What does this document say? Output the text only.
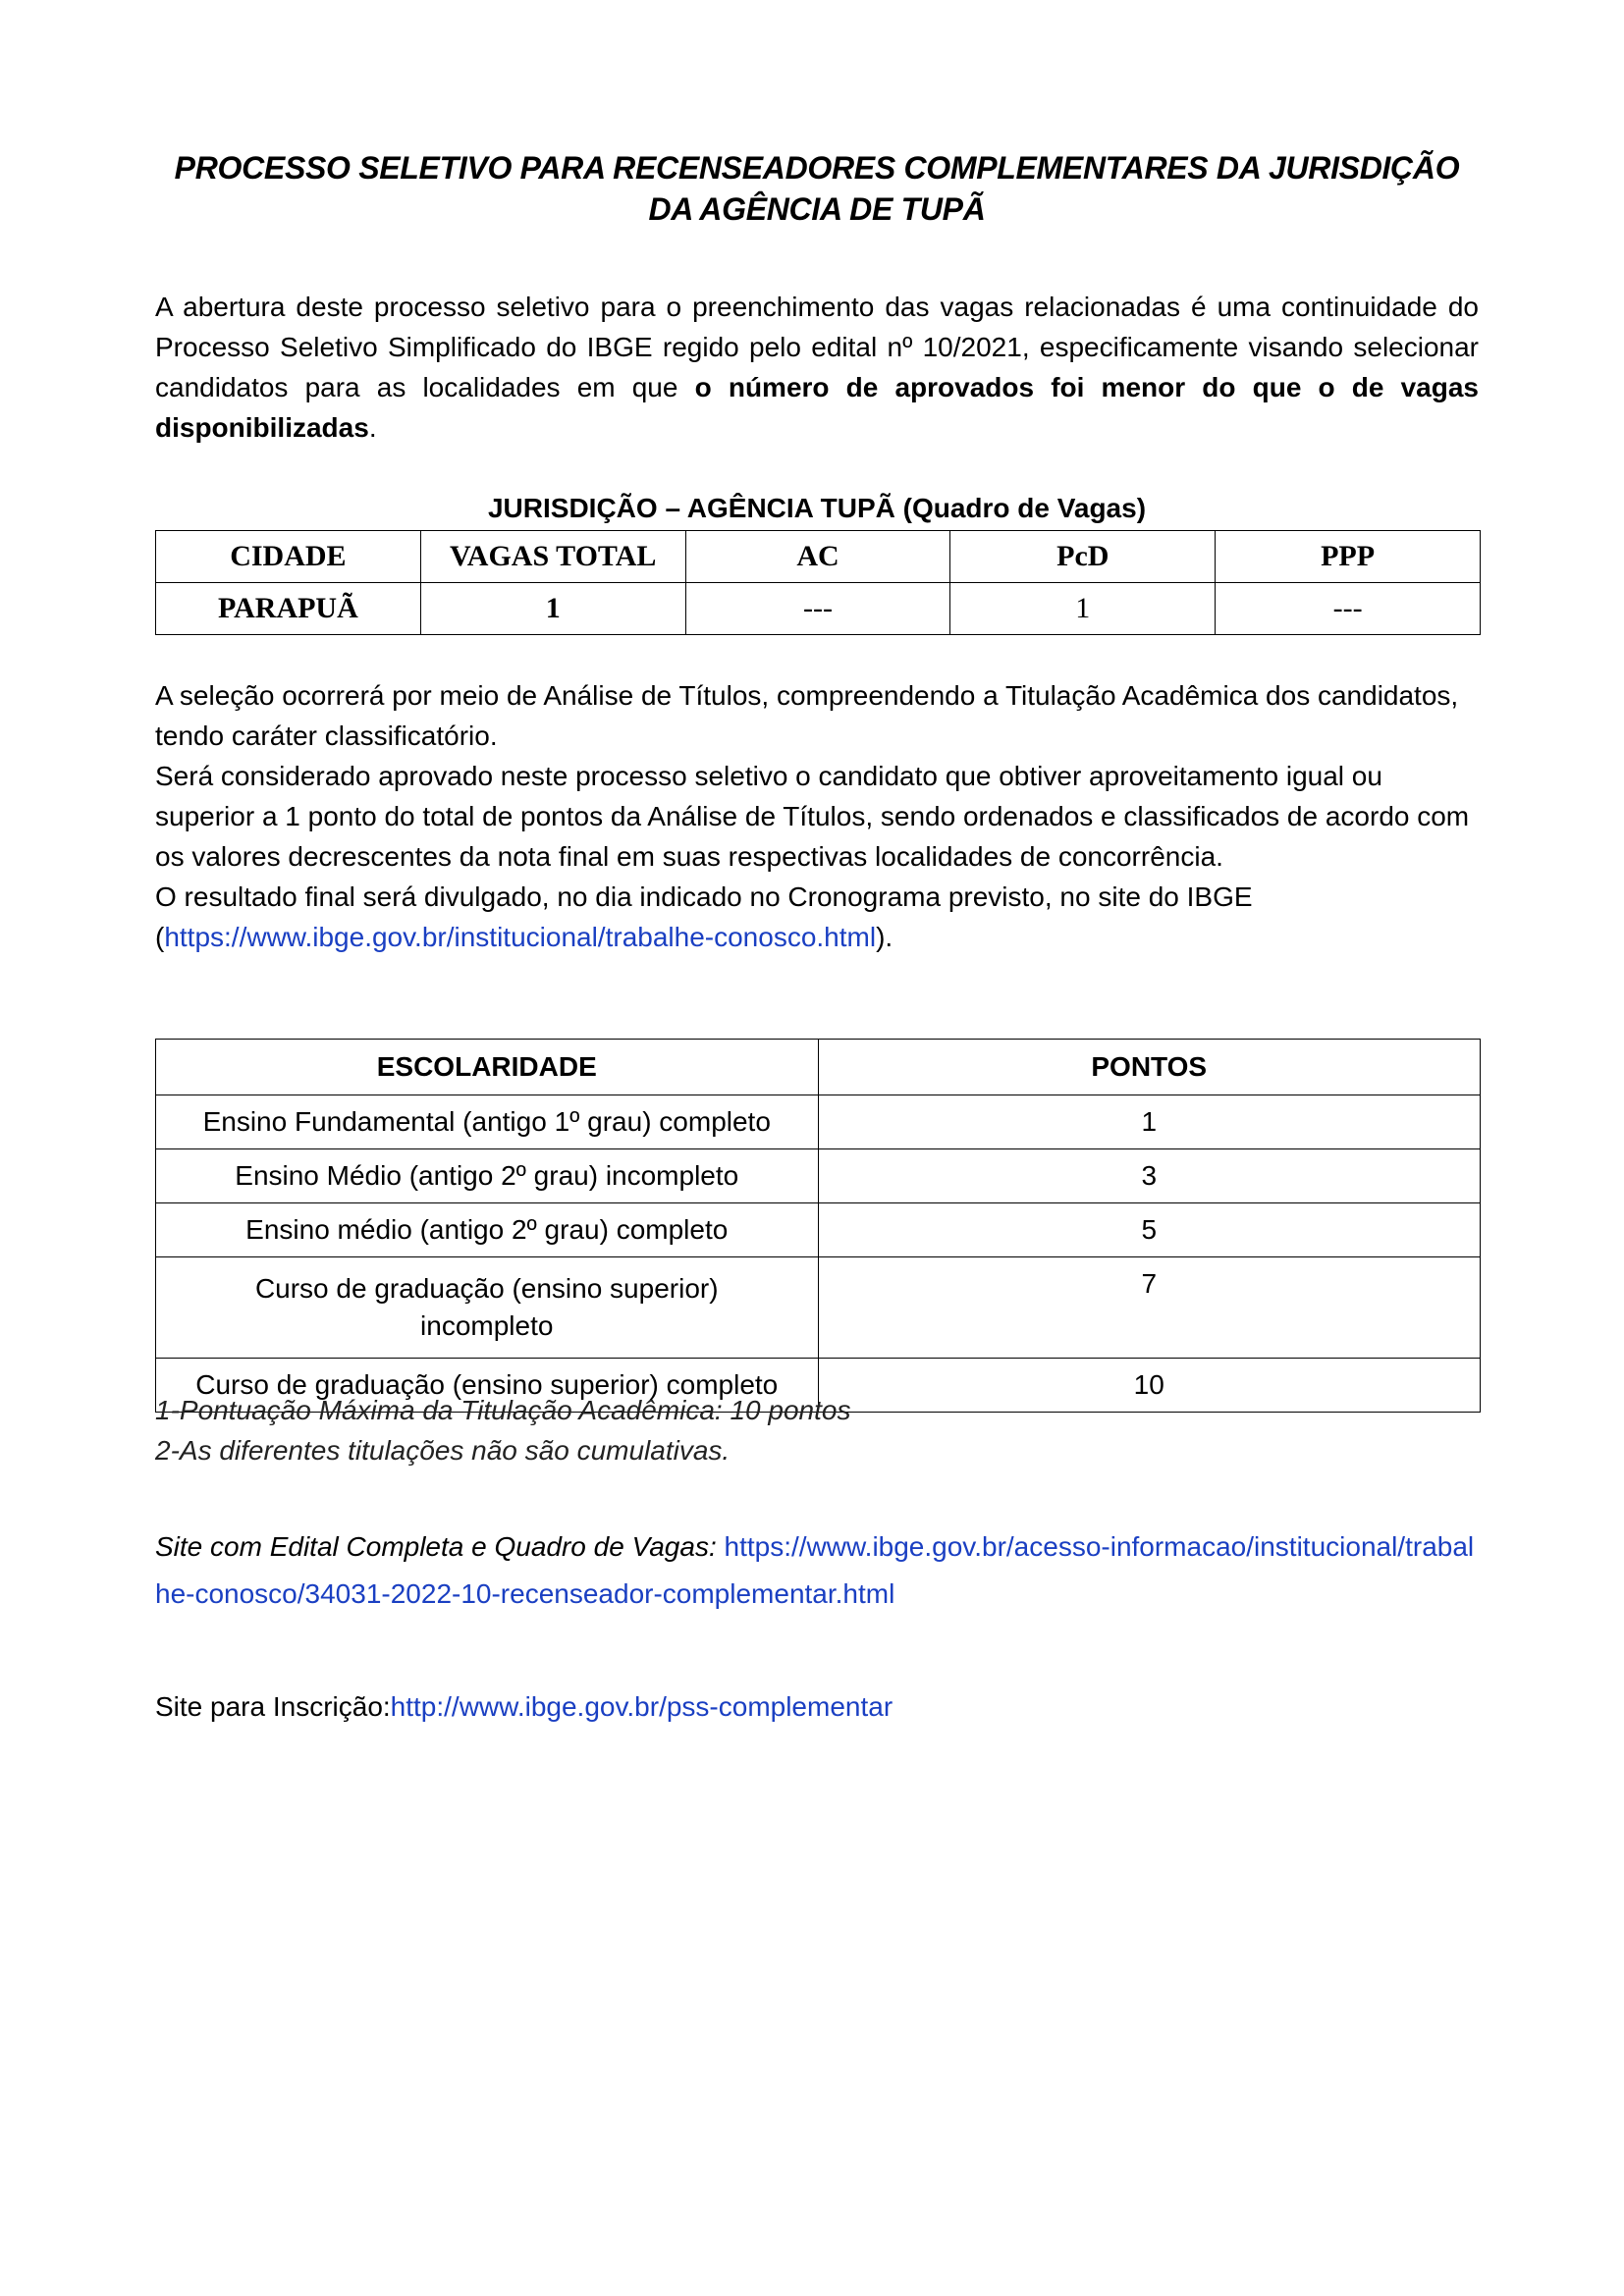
PROCESSO SELETIVO PARA RECENSEADORES COMPLEMENTARES DA JURISDIÇÃO
DA AGÊNCIA DE TUPÃ

A abertura deste processo seletivo para o preenchimento das vagas relacionadas é uma continuidade do Processo Seletivo Simplificado do IBGE regido pelo edital nº 10/2021, especificamente visando selecionar candidatos para as localidades em que o número de aprovados foi menor do que o de vagas disponibilizadas.

JURISDIÇÃO – AGÊNCIA TUPÃ (Quadro de Vagas)
CIDADE	VAGAS TOTAL	AC	PcD	PPP
PARAPUÃ	1	---	1	---

A seleção ocorrerá por meio de Análise de Títulos, compreendendo a Titulação Acadêmica dos candidatos, tendo caráter classificatório.

Será considerado aprovado neste processo seletivo o candidato que obtiver aproveitamento igual ou superior a 1 ponto do total de pontos da Análise de Títulos, sendo ordenados e classificados de acordo com os valores decrescentes da nota final em suas respectivas localidades de concorrência.

O resultado final será divulgado, no dia indicado no Cronograma previsto, no site do IBGE (https://www.ibge.gov.br/institucional/trabalhe-conosco.html).

ESCOLARIDADE	PONTOS
Ensino Fundamental (antigo 1º grau) completo	1
Ensino Médio (antigo 2º grau) incompleto	3
Ensino médio (antigo 2º grau) completo	5
Curso de graduação (ensino superior) incompleto	7
Curso de graduação (ensino superior) completo	10
1-Pontuação Máxima da Titulação Acadêmica: 10 pontos
2-As diferentes titulações não são cumulativas.
Site com Edital Completa e Quadro de Vagas: https://www.ibge.gov.br/acesso-informacao/institucional/trabalhe-conosco/34031-2022-10-recenseador-complementar.html
Site para Inscrição:http://www.ibge.gov.br/pss-complementar
